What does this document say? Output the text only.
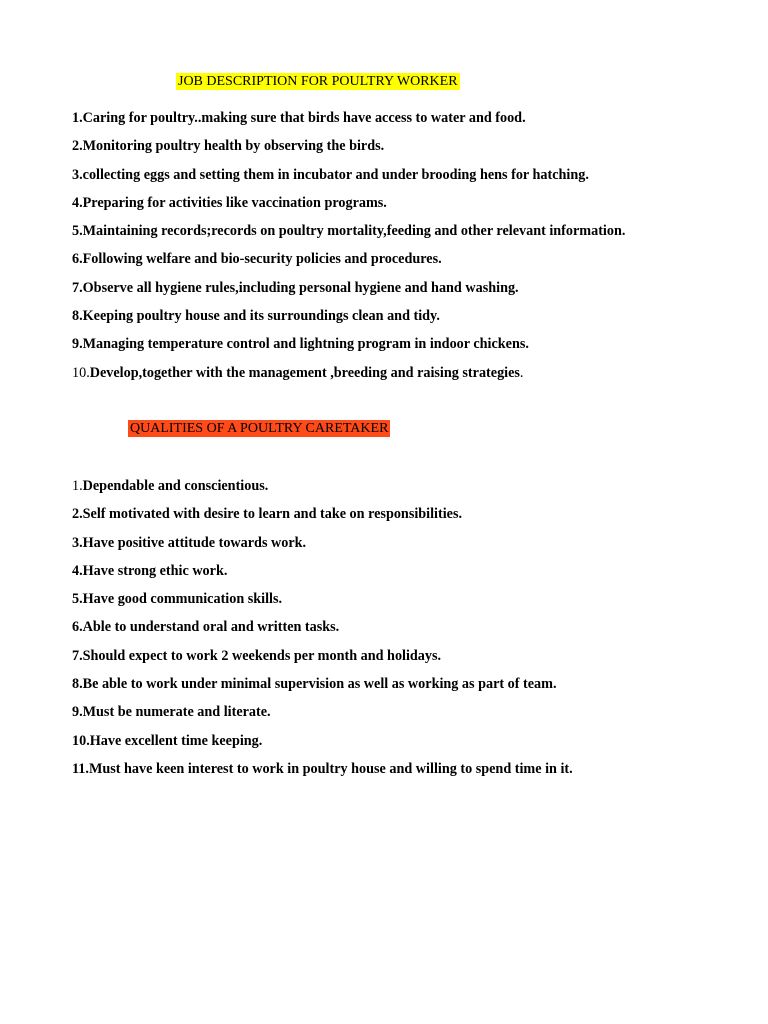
JOB DESCRIPTION FOR POULTRY WORKER
1.Caring for poultry..making sure that birds have access to water and food.
2.Monitoring poultry health by observing the birds.
3.collecting eggs and setting them in incubator and under brooding hens for hatching.
4.Preparing for activities like vaccination programs.
5.Maintaining records;records on poultry mortality,feeding and other relevant information.
6.Following welfare and bio-security policies and procedures.
7.Observe all hygiene rules,including personal hygiene and hand washing.
8.Keeping poultry house and its surroundings clean and tidy.
9.Managing temperature control and lightning program in indoor chickens.
10.Develop,together with the management ,breeding and raising strategies.
QUALITIES OF A POULTRY CARETAKER
1.Dependable and conscientious.
2.Self motivated with desire to learn and take on responsibilities.
3.Have positive attitude towards work.
4.Have strong ethic work.
5.Have good communication skills.
6.Able to understand oral and written tasks.
7.Should expect to work 2 weekends per month and holidays.
8.Be able to work under minimal supervision as well as working as part of team.
9.Must be numerate and literate.
10.Have excellent time keeping.
11.Must have keen interest to work in poultry house and willing to spend time in it.
